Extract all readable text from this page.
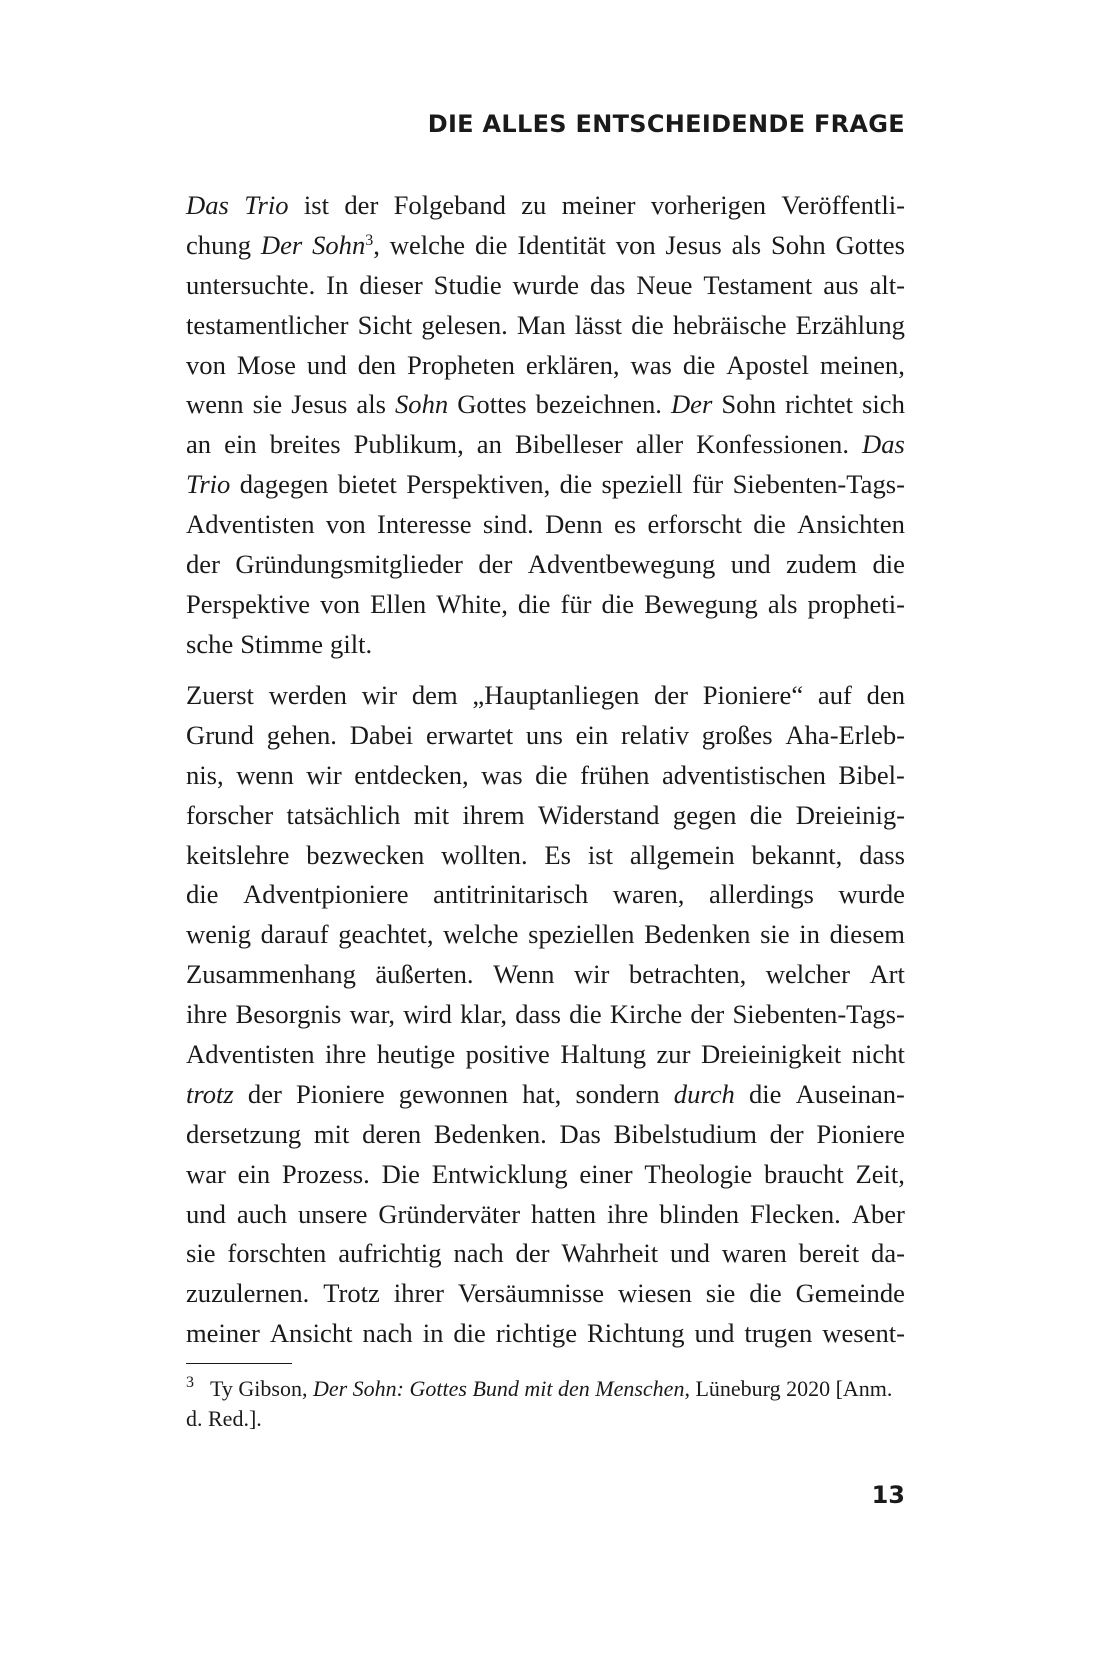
DIE ALLES ENTSCHEIDENDE FRAGE
Das Trio ist der Folgeband zu meiner vorherigen Veröffentli-
chung Der Sohn$^3$, welche die Identität von Jesus als Sohn Gottes
untersuchte. In dieser Studie wurde das Neue Testament aus alt-
testamentlicher Sicht gelesen. Man lässt die hebräische Erzählung
von Mose und den Propheten erklären, was die Apostel meinen,
wenn sie Jesus als Sohn Gottes bezeichnen. Der Sohn richtet sich
an ein breites Publikum, an Bibelleser aller Konfessionen. Das
Trio dagegen bietet Perspektiven, die speziell für Siebenten-Tags-
Adventisten von Interesse sind. Denn es erforscht die Ansichten
der Gründungsmitglieder der Adventbewegung und zudem die
Perspektive von Ellen White, die für die Bewegung als propheti-
sche Stimme gilt.
Zuerst werden wir dem „Hauptanliegen der Pioniere“ auf den
Grund gehen. Dabei erwartet uns ein relativ großes Aha-Erleb-
nis, wenn wir entdecken, was die frühen adventistischen Bibel-
forscher tatsächlich mit ihrem Widerstand gegen die Dreieinig-
keitslehre bezwecken wollten. Es ist allgemein bekannt, dass
die Adventpioniere antitrinitarisch waren, allerdings wurde
wenig darauf geachtet, welche speziellen Bedenken sie in diesem
Zusammenhang äußerten. Wenn wir betrachten, welcher Art
ihre Besorgnis war, wird klar, dass die Kirche der Siebenten-Tags-
Adventisten ihre heutige positive Haltung zur Dreieinigkeit nicht
trotz der Pioniere gewonnen hat, sondern durch die Auseinan-
dersetzung mit deren Bedenken. Das Bibelstudium der Pioniere
war ein Prozess. Die Entwicklung einer Theologie braucht Zeit,
und auch unsere Gründerväter hatten ihre blinden Flecken. Aber
sie forschten aufrichtig nach der Wahrheit und waren bereit da-
zuzulernen. Trotz ihrer Versäumnisse wiesen sie die Gemeinde
meiner Ansicht nach in die richtige Richtung und trugen wesent-
$^3$ Ty Gibson, Der Sohn: Gottes Bund mit den Menschen, Lüneburg 2020 [Anm.
d. Red.].
13
